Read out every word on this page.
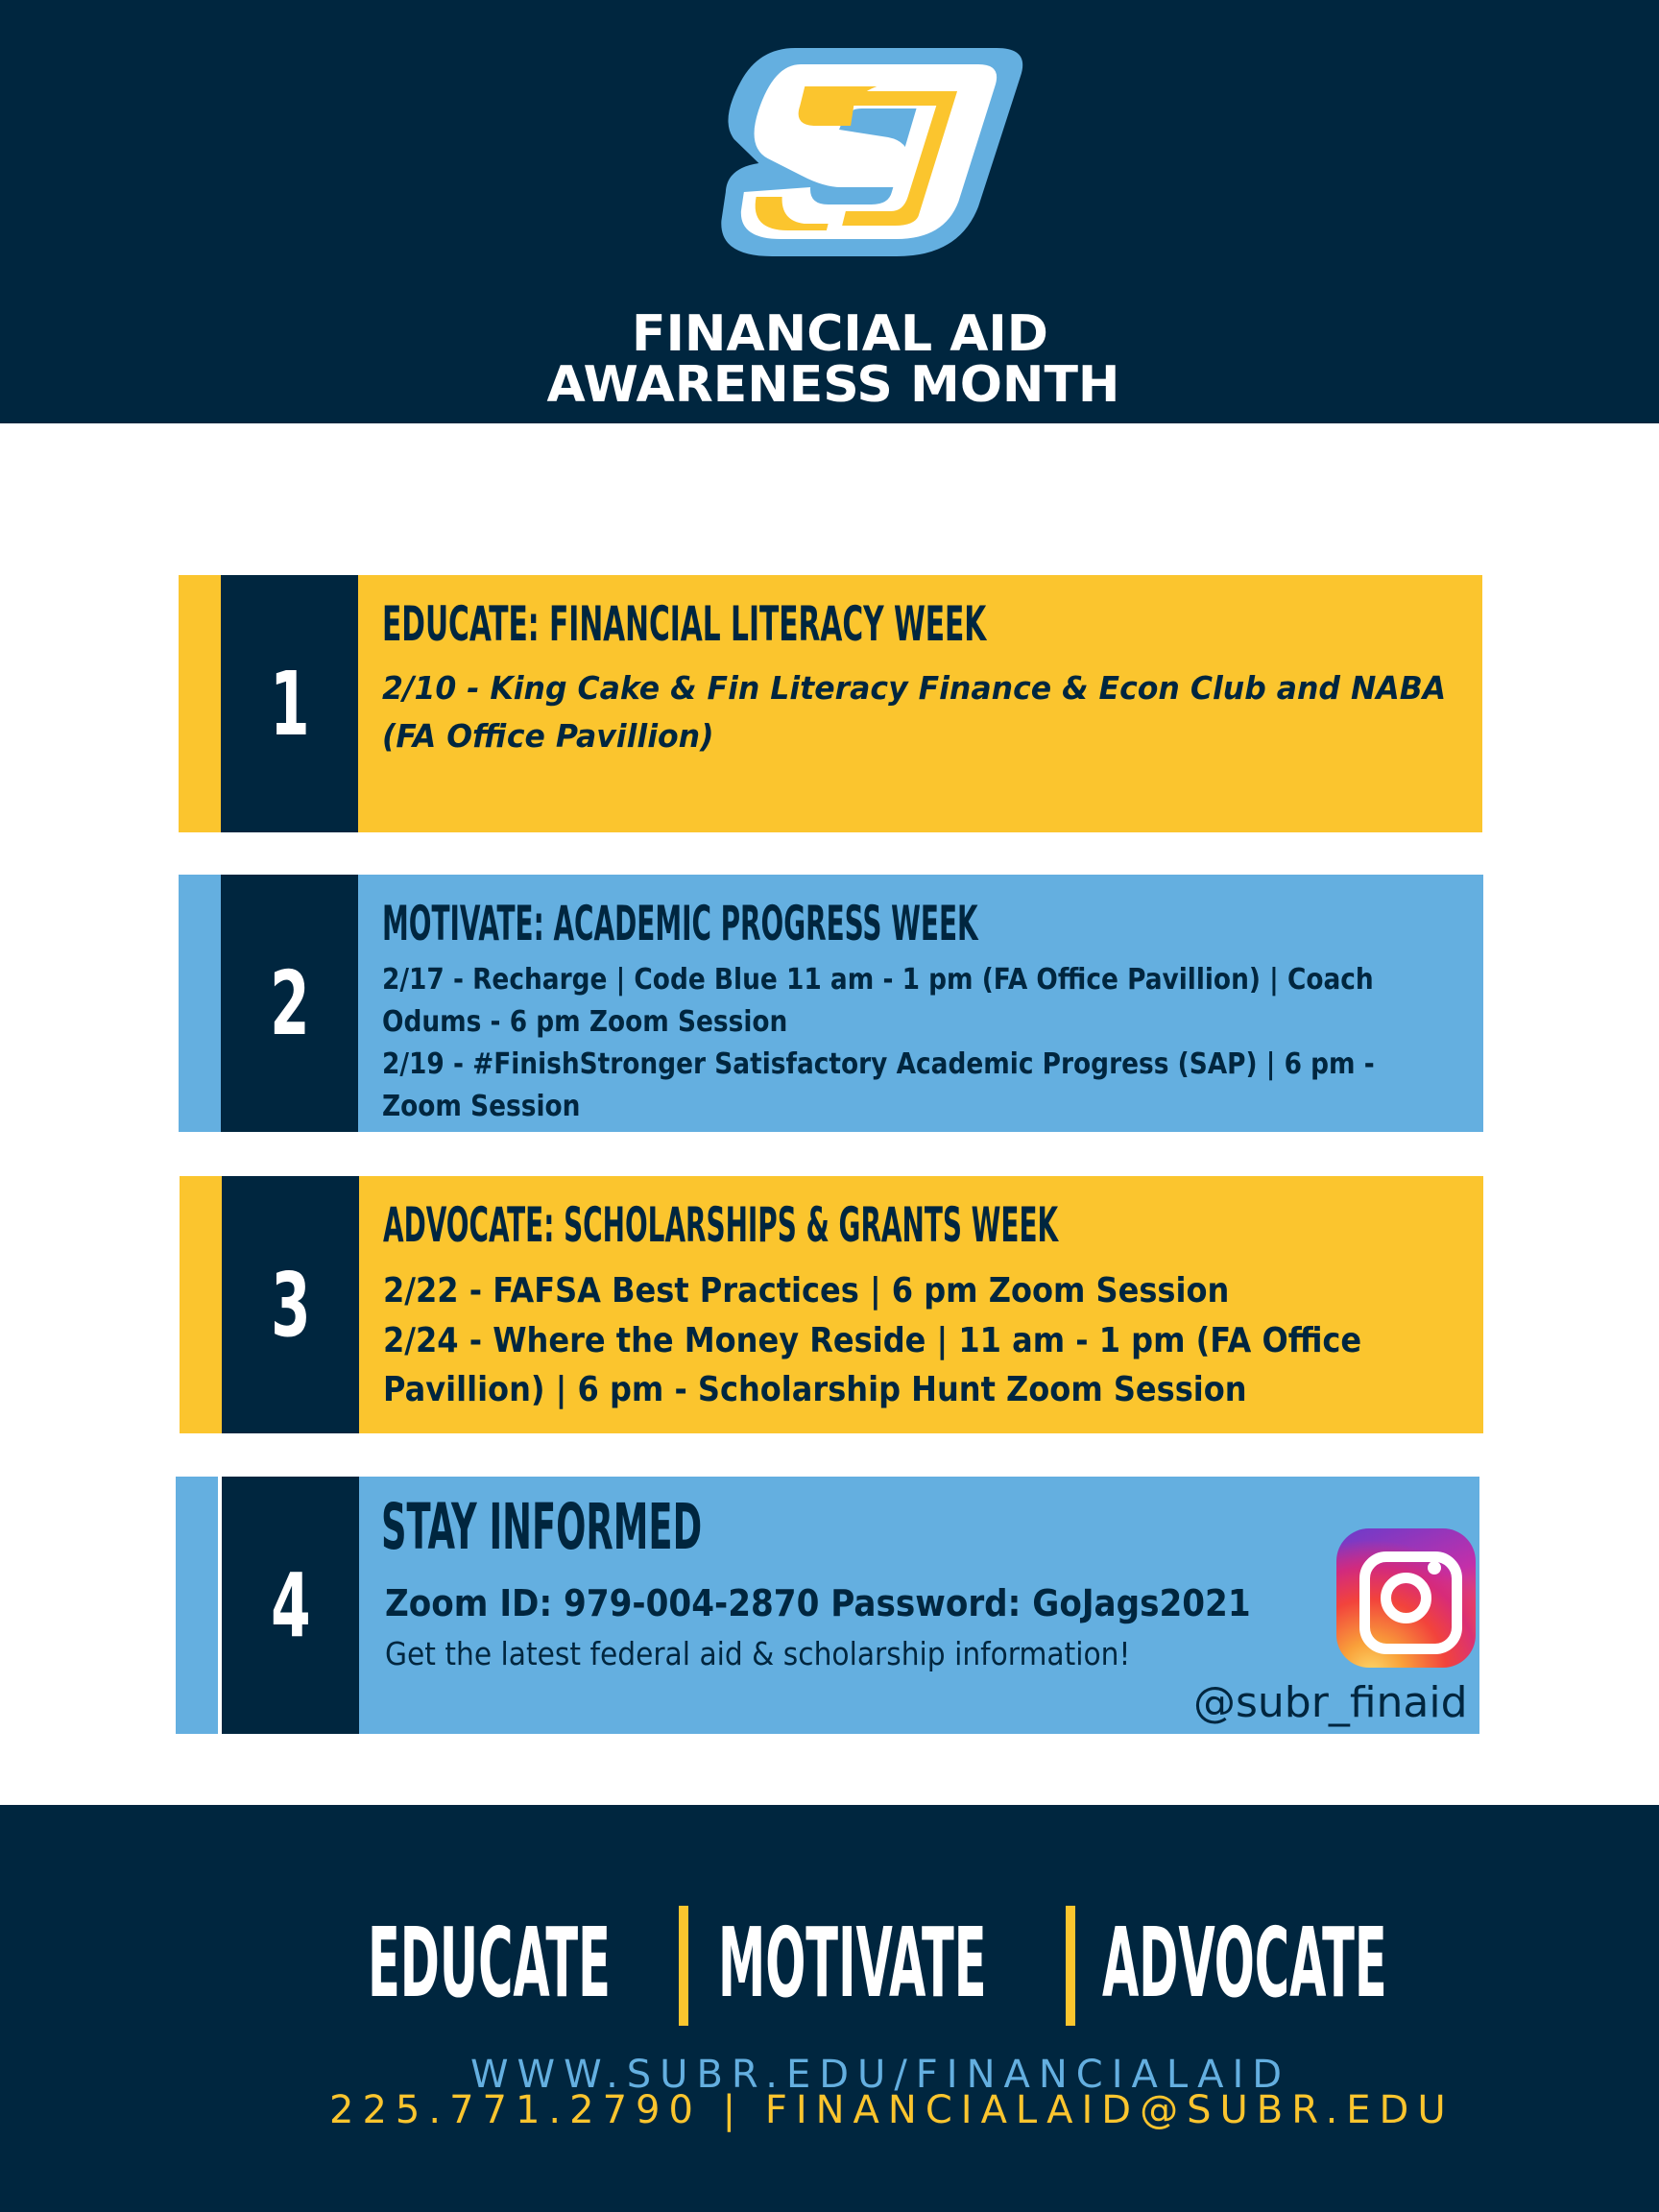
FINANCIAL AID
AWARENESS MONTH
1
EDUCATE: FINANCIAL LITERACY WEEK
2/10 - King Cake & Fin Literacy Finance & Econ Club and NABA
(FA Office Pavillion)
2
MOTIVATE: ACADEMIC PROGRESS WEEK
2/17 - Recharge | Code Blue 11 am - 1 pm (FA Office Pavillion) | Coach
Odums - 6 pm Zoom Session
2/19 - #FinishStronger Satisfactory Academic Progress (SAP) | 6 pm -
Zoom Session
3
ADVOCATE: SCHOLARSHIPS & GRANTS WEEK
2/22 - FAFSA Best Practices | 6 pm Zoom Session
2/24 - Where the Money Reside | 11 am - 1 pm (FA Office
Pavillion) | 6 pm - Scholarship Hunt Zoom Session
4
STAY INFORMED
Zoom ID: 979-004-2870 Password: GoJags2021
Get the latest federal aid & scholarship information!
@subr_finaid
EDUCATE MOTIVATE ADVOCATE
WWW.SUBR.EDU/FINANCIALAID
225.771.2790 | FINANCIALAID@SUBR.EDU
